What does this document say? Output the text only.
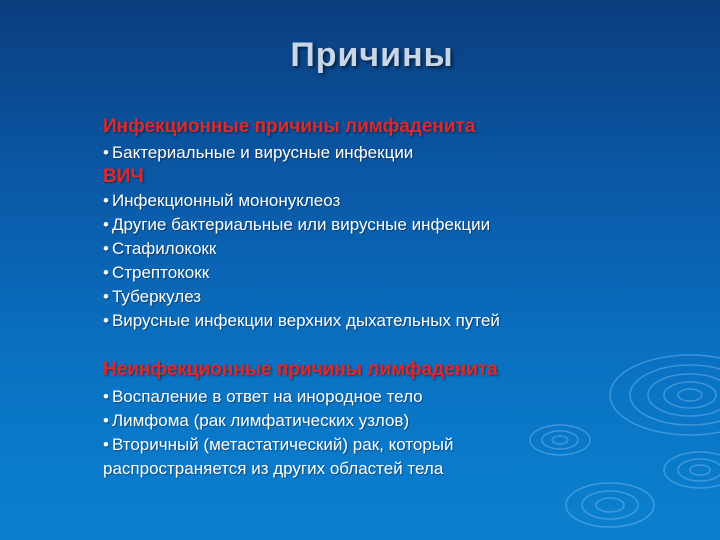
Причины
Инфекционные причины лимфаденита
• Бактериальные и вирусные инфекции
ВИЧ
• Инфекционный мононуклеоз
• Другие бактериальные или вирусные инфекции
• Стафилококк
• Стрептококк
• Туберкулез
• Вирусные инфекции верхних дыхательных путей
Неинфекционные причины лимфаденита
• Воспаление в ответ на инородное тело
• Лимфома (рак лимфатических узлов)
• Вторичный (метастатический) рак, который
распространяется из других областей тела
